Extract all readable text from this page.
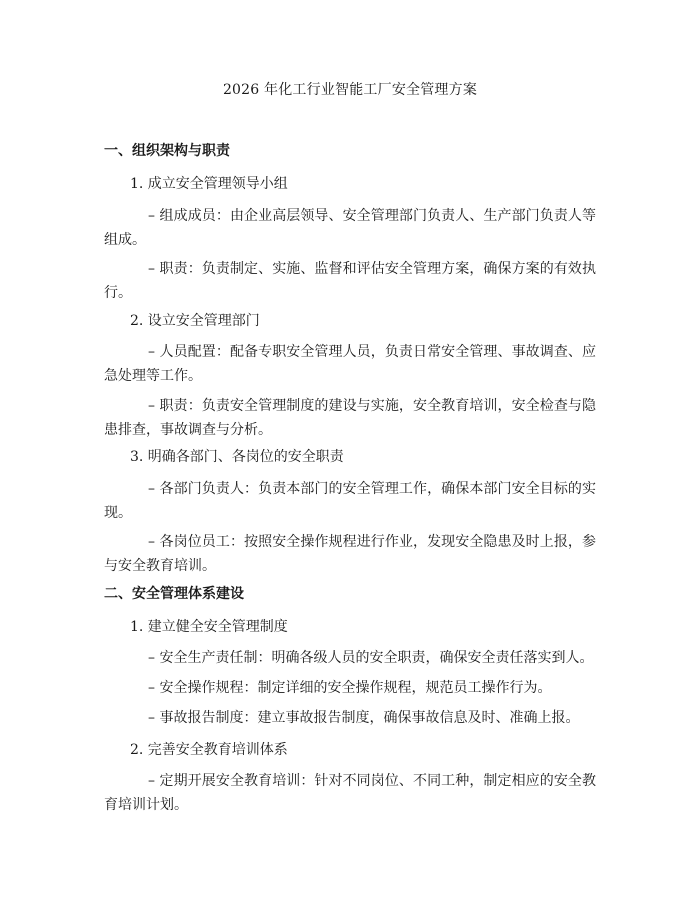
2026 年化工行业智能工厂安全管理方案
一、组织架构与职责
1. 成立安全管理领导小组
– 组成成员：由企业高层领导、安全管理部门负责人、生产部门负责人等组成。
– 职责：负责制定、实施、监督和评估安全管理方案，确保方案的有效执行。
2. 设立安全管理部门
– 人员配置：配备专职安全管理人员，负责日常安全管理、事故调查、应急处理等工作。
– 职责：负责安全管理制度的建设与实施，安全教育培训，安全检查与隐患排查，事故调查与分析。
3. 明确各部门、各岗位的安全职责
– 各部门负责人：负责本部门的安全管理工作，确保本部门安全目标的实现。
– 各岗位员工：按照安全操作规程进行作业，发现安全隐患及时上报，参与安全教育培训。
二、安全管理体系建设
1. 建立健全安全管理制度
– 安全生产责任制：明确各级人员的安全职责，确保安全责任落实到人。
– 安全操作规程：制定详细的安全操作规程，规范员工操作行为。
– 事故报告制度：建立事故报告制度，确保事故信息及时、准确上报。
2. 完善安全教育培训体系
– 定期开展安全教育培训：针对不同岗位、不同工种，制定相应的安全教育培训计划。
